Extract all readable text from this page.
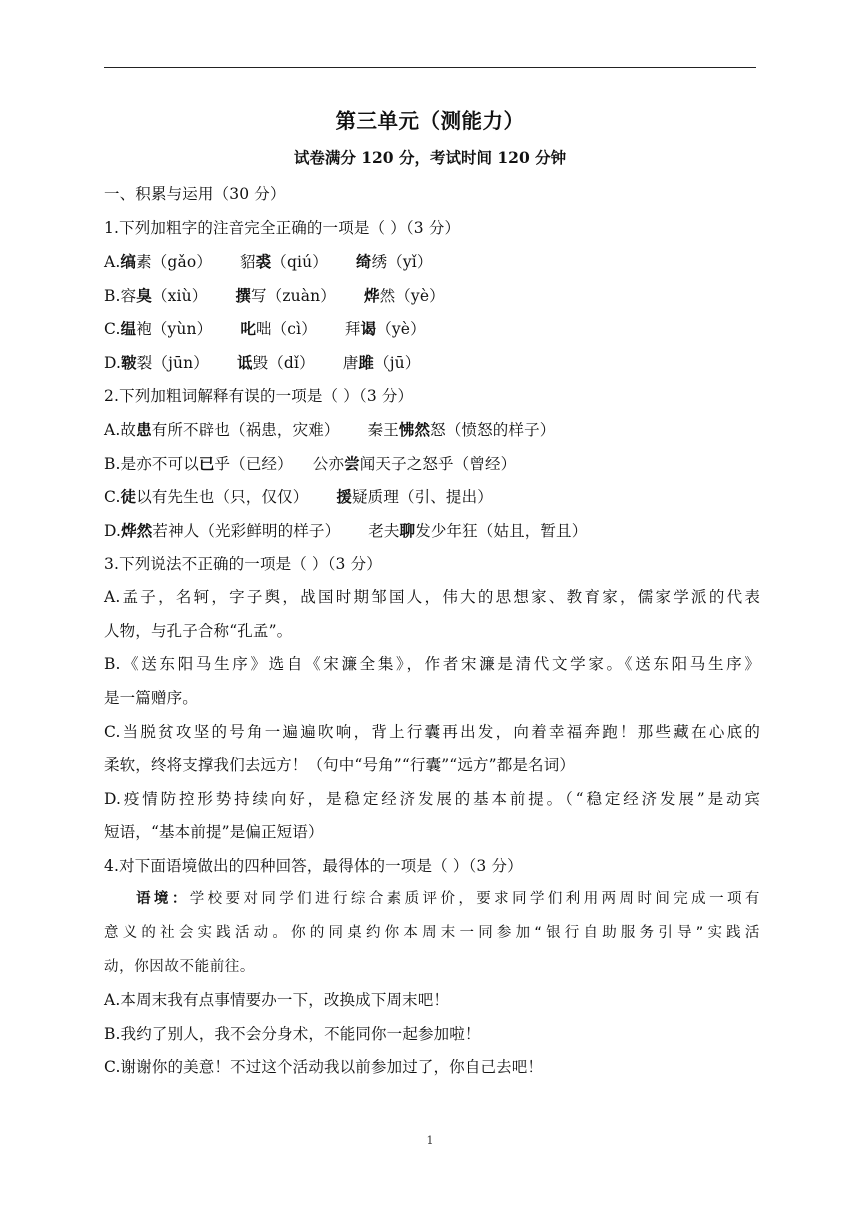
第三单元（测能力）
试卷满分 120 分，考试时间 120 分钟
一、积累与运用（30 分）
1.下列加粗字的注音完全正确的一项是（ ）（3 分）
A.缟素（gǎo） 貂裘（qiú） 绮绣（yǐ）
B.容臭（xiù） 撰写（zuàn） 烨然（yè）
C.缊袍（yùn） 叱咄（cì） 拜谒（yè）
D.皲裂（jūn） 诋毁（dǐ） 唐雎（jū）
2.下列加粗词解释有误的一项是（ ）（3 分）
A.故患有所不辟也（祸患，灾难） 秦王怫然怒（愤怒的样子）
B.是亦不可以已乎（已经） 公亦尝闻天子之怒乎（曾经）
C.徒以有先生也（只，仅仅） 援疑质理（引、提出）
D.烨然若神人（光彩鲜明的样子） 老夫聊发少年狂（姑且，暂且）
3.下列说法不正确的一项是（ ）（3 分）
A.孟子，名轲，字子舆，战国时期邹国人，伟大的思想家、教育家，儒家学派的代表
人物，与孔子合称“孔孟”。
B.《送东阳马生序》选自《宋濂全集》，作者宋濂是清代文学家。《送东阳马生序》
是一篇赠序。
C.当脱贫攻坚的号角一遍遍吹响，背上行囊再出发，向着幸福奔跑！那些藏在心底的
柔软，终将支撑我们去远方！（句中“号角”“行囊”“远方”都是名词）
D.疫情防控形势持续向好，是稳定经济发展的基本前提。（“稳定经济发展”是动宾
短语，“基本前提”是偏正短语）
4.对下面语境做出的四种回答，最得体的一项是（ ）（3 分）
语境：学校要对同学们进行综合素质评价，要求同学们利用两周时间完成一项有
意义的社会实践活动。你的同桌约你本周末一同参加“银行自助服务引导”实践活
动，你因故不能前往。
A.本周末我有点事情要办一下，改换成下周末吧！
B.我约了别人，我不会分身术，不能同你一起参加啦！
C.谢谢你的美意！不过这个活动我以前参加过了，你自己去吧！
1
